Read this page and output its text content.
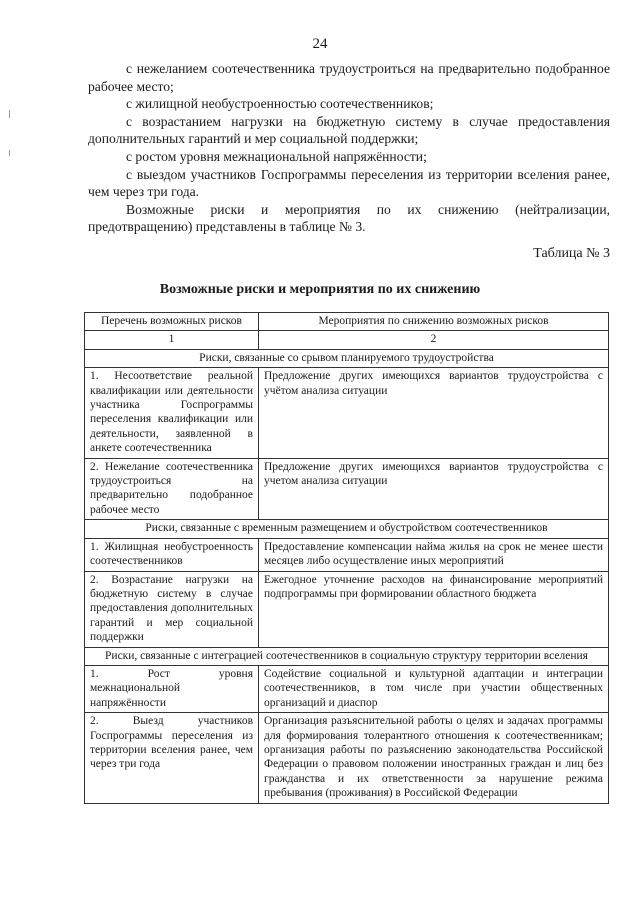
24

с нежеланием соотечественника трудоустроиться на предварительно подобранное рабочее место;

с жилищной необустроенностью соотечественников;

с возрастанием нагрузки на бюджетную систему в случае предоставления дополнительных гарантий и мер социальной поддержки;

с ростом уровня межнациональной напряжённости;

с выездом участников Госпрограммы переселения из территории вселения ранее, чем через три года.

Возможные риски и мероприятия по их снижению (нейтрализации, предотвращению) представлены в таблице № 3.

Таблица № 3
Возможные риски и мероприятия по их снижению
Перечень возможных рисков	Мероприятия по снижению возможных рисков
1	2
Риски, связанные со срывом планируемого трудоустройства	
1. Несоответствие реальной квалификации или деятельности участника Госпрограммы переселения квалификации или деятельности, заявленной в анкете соотечественника	Предложение других имеющихся вариантов трудоустройства с учётом анализа ситуации
2. Нежелание соотечественника трудоустроиться на предварительно подобранное рабочее место	Предложение других имеющихся вариантов трудоустройства с учетом анализа ситуации
Риски, связанные с временным размещением и обустройством соотечественников	
1. Жилищная необустроенность соотечественников	Предоставление компенсации найма жилья на срок не менее шести месяцев либо осуществление иных мероприятий
2. Возрастание нагрузки на бюджетную систему в случае предоставления дополнительных гарантий и мер социальной поддержки	Ежегодное уточнение расходов на финансирование мероприятий подпрограммы при формировании областного бюджета
Риски, связанные с интеграцией соотечественников в социальную структуру территории вселения	
1. Рост уровня межнациональной напряжённости	Содействие социальной и культурной адаптации и интеграции соотечественников, в том числе при участии общественных организаций и диаспор
2. Выезд участников Госпрограммы переселения из территории вселения ранее, чем через три года	Организация разъяснительной работы о целях и задачах программы для формирования толерантного отношения к соотечественникам; организация работы по разъяснению законодательства Российской Федерации о правовом положении иностранных граждан и лиц без гражданства и их ответственности за нарушение режима пребывания (проживания) в Российской Федерации
